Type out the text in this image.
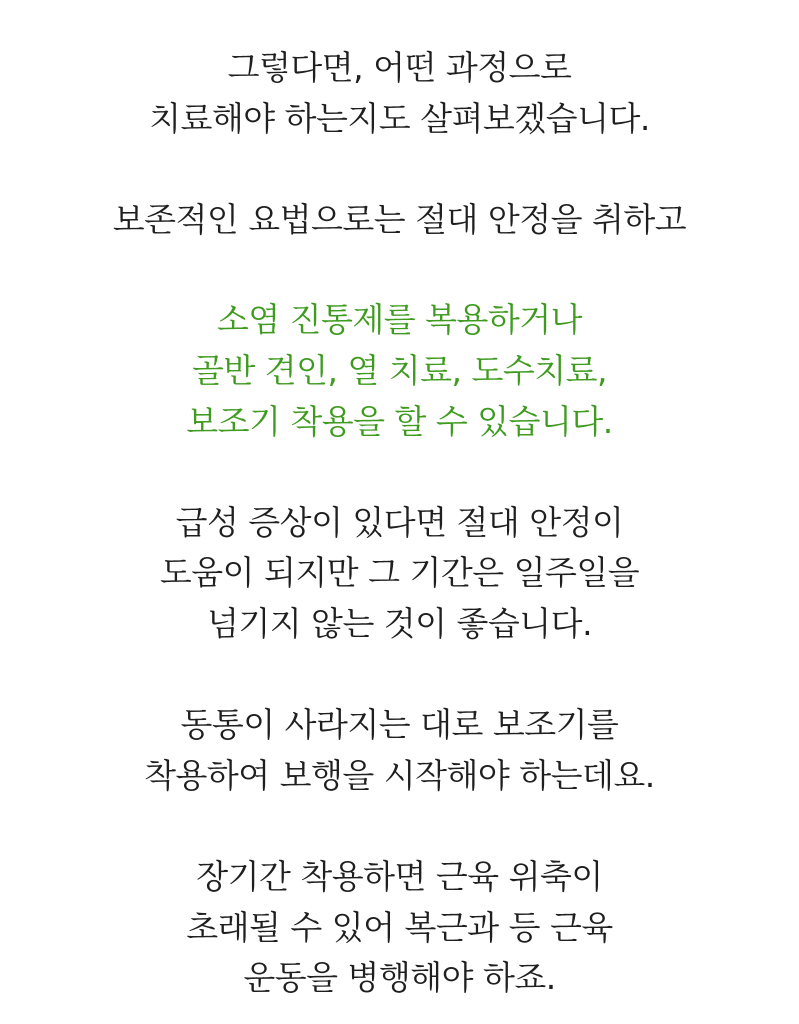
그렇다면, 어떤 과정으로
치료해야 하는지도 살펴보겠습니다.
보존적인 요법으로는 절대 안정을 취하고
소염 진통제를 복용하거나
골반 견인, 열 치료, 도수치료,
보조기 착용을 할 수 있습니다.
급성 증상이 있다면 절대 안정이
도움이 되지만 그 기간은 일주일을
넘기지 않는 것이 좋습니다.
동통이 사라지는 대로 보조기를
착용하여 보행을 시작해야 하는데요.
장기간 착용하면 근육 위축이
초래될 수 있어 복근과 등 근육
운동을 병행해야 하죠.
